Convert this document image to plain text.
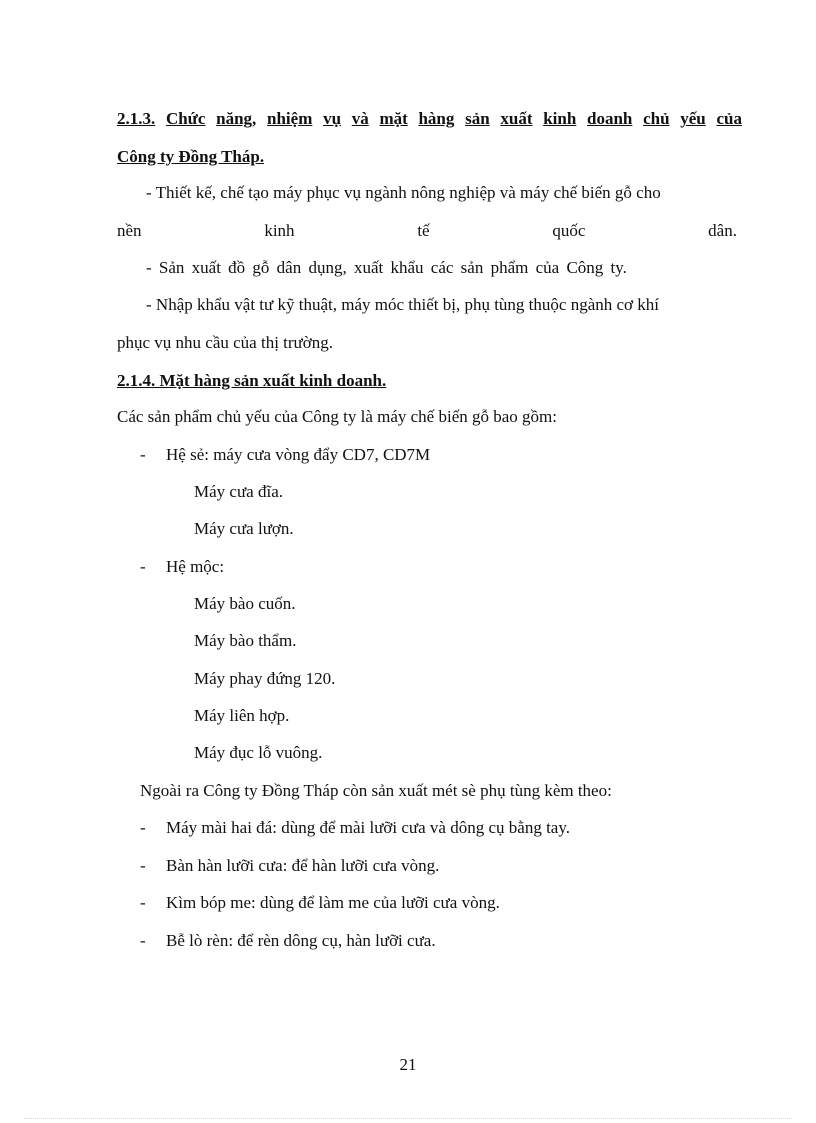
2.1.3. Chức năng, nhiệm vụ và mặt hàng sản xuất kinh doanh chủ yếu của
Công ty Đồng Tháp.
- Thiết kế, chế tạo máy phục vụ ngành nông nghiệp và máy chế biến gỗ cho
nền	kinh	tế	quốc	dân.
- Sản xuất đồ gỗ dân dụng, xuất khẩu các sản phẩm của Công ty.
- Nhập khẩu vật tư kỹ thuật, máy móc thiết bị, phụ tùng thuộc ngành cơ khí
phục vụ nhu cầu của thị trường.
2.1.4. Mặt hàng sản xuất kinh doanh.
Các sản phẩm chủ yếu của Công ty là máy chế biến gỗ bao gồm:
- Hệ sẻ: máy cưa vòng đẩy CD7, CD7M
Máy cưa đĩa.
Máy cưa lượn.
- Hệ mộc:
Máy bào cuốn.
Máy bào thẩm.
Máy phay đứng 120.
Máy liên hợp.
Máy đục lỗ vuông.
Ngoài ra Công ty Đồng Tháp còn sản xuất mét sè phụ tùng kèm theo:
- Máy mài hai đá: dùng để mài lưỡi cưa và dông cụ bằng tay.
- Bàn hàn lưỡi cưa: để hàn lưỡi cưa vòng.
- Kìm bóp me: dùng để làm me của lưỡi cưa vòng.
- Bễ lò rèn: để rèn dông cụ, hàn lưỡi cưa.
21
